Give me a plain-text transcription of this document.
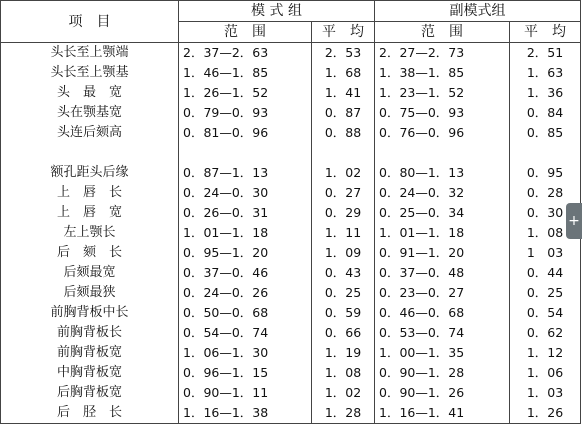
项　目	模 式 组		副模式组	
	范　围	平　均	范　围	平　均
头长至上颚端	2．37—2．63	2．53	2．27—2．73	2．51
头长至上颚基	1．46—1．85	1．68	1．38—1．85	1．63
头　最　宽	1．26—1．52	1．41	1．23—1．52	1．36
头在颚基宽	0．79—0．93	0．87	0．75—0．93	0．84
头连后颏高	0．81—0．96	0．88	0．76—0．96	0．85

额孔距头后缘	0．87—1．13	1．02	0．80—1．13	0．95
上　唇　长	0．24—0．30	0．27	0．24—0．32	0．28
上　唇　宽	0．26—0．31	0．29	0．25—0．34	0．30
左上颚长	1．01—1．18	1．11	1．01—1．18	1．08
后　颏　长	0．95—1．20	1．09	0．91—1．20	1　03
后颏最宽	0．37—0．46	0．43	0．37—0．48	0．44
后颏最狭	0．24—0．26	0．25	0．23—0．27	0．25
前胸背板中长	0．50—0．68	0．59	0．46—0．68	0．54
前胸背板长	0．54—0．74	0．66	0．53—0．74	0．62
前胸背板宽	1．06—1．30	1．19	1．00—1．35	1．12
中胸背板宽	0．96—1．15	1．08	0．90—1．28	1．06
后胸背板宽	0．90—1．11	1．02	0．90—1．26	1．03
后　胫　长	1．16—1．38	1．28	1．16—1．41	1．26
+
